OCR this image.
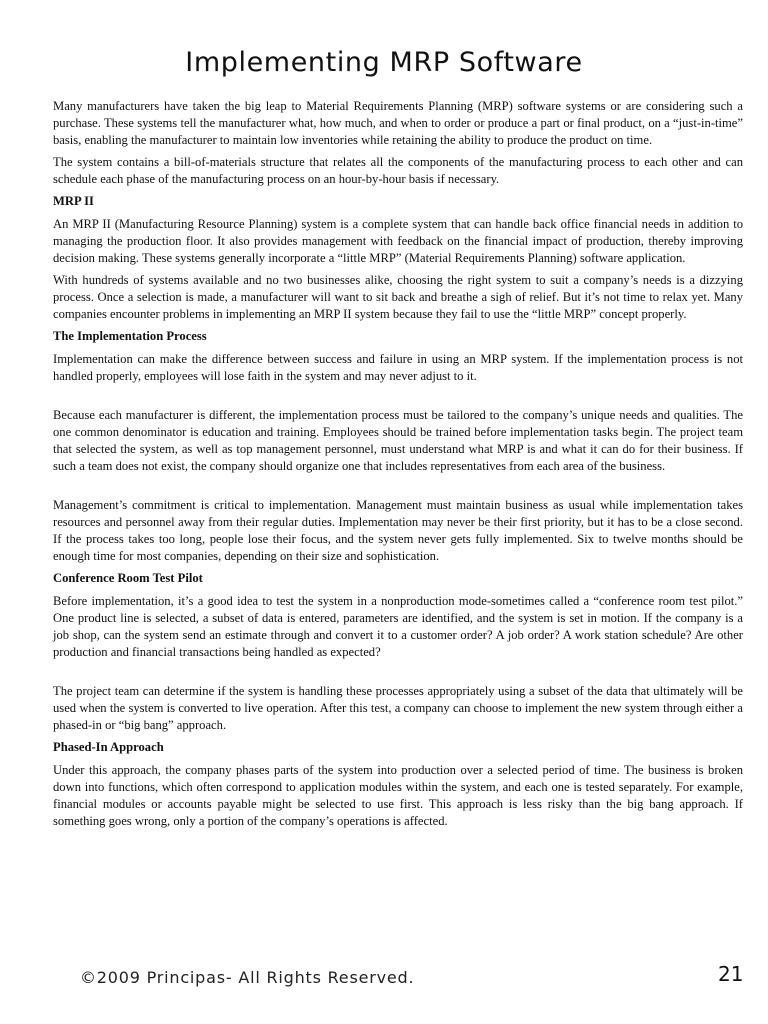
Implementing MRP Software

Many manufacturers have taken the big leap to Material Requirements Planning (MRP) software systems or are considering such a purchase. These systems tell the manufacturer what, how much, and when to order or produce a part or final product, on a “just-in-time” basis, enabling the manufacturer to maintain low inventories while retaining the ability to produce the product on time.

The system contains a bill-of-materials structure that relates all the components of the manufacturing process to each other and can schedule each phase of the manufacturing process on an hour-by-hour basis if necessary.

MRP II

An MRP II (Manufacturing Resource Planning) system is a complete system that can handle back office financial needs in addition to managing the production floor. It also provides management with feedback on the financial impact of production, thereby improving decision making. These systems generally incorporate a “little MRP” (Material Requirements Planning) software application.

With hundreds of systems available and no two businesses alike, choosing the right system to suit a company’s needs is a dizzying process. Once a selection is made, a manufacturer will want to sit back and breathe a sigh of relief. But it’s not time to relax yet. Many companies encounter problems in implementing an MRP II system because they fail to use the “little MRP” concept properly.

The Implementation Process

Implementation can make the difference between success and failure in using an MRP system. If the implementation process is not handled properly, employees will lose faith in the system and may never adjust to it.

Because each manufacturer is different, the implementation process must be tailored to the company’s unique needs and qualities. The one common denominator is education and training. Employees should be trained before implementation tasks begin. The project team that selected the system, as well as top management personnel, must understand what MRP is and what it can do for their business. If such a team does not exist, the company should organize one that includes representatives from each area of the business.

Management’s commitment is critical to implementation. Management must maintain business as usual while implementation takes resources and personnel away from their regular duties. Implementation may never be their first priority, but it has to be a close second. If the process takes too long, people lose their focus, and the system never gets fully implemented. Six to twelve months should be enough time for most companies, depending on their size and sophistication.

Conference Room Test Pilot

Before implementation, it’s a good idea to test the system in a nonproduction mode-sometimes called a “conference room test pilot.” One product line is selected, a subset of data is entered, parameters are identified, and the system is set in motion. If the company is a job shop, can the system send an estimate through and convert it to a customer order? A job order? A work station schedule? Are other production and financial transactions being handled as expected?

The project team can determine if the system is handling these processes appropriately using a subset of the data that ultimately will be used when the system is converted to live operation. After this test, a company can choose to implement the new system through either a phased-in or “big bang” approach.

Phased-In Approach

Under this approach, the company phases parts of the system into production over a selected period of time. The business is broken down into functions, which often correspond to application modules within the system, and each one is tested separately. For example, financial modules or accounts payable might be selected to use first. This approach is less risky than the big bang approach. If something goes wrong, only a portion of the company’s operations is affected.

©2009 Principas- All Rights Reserved.	21
